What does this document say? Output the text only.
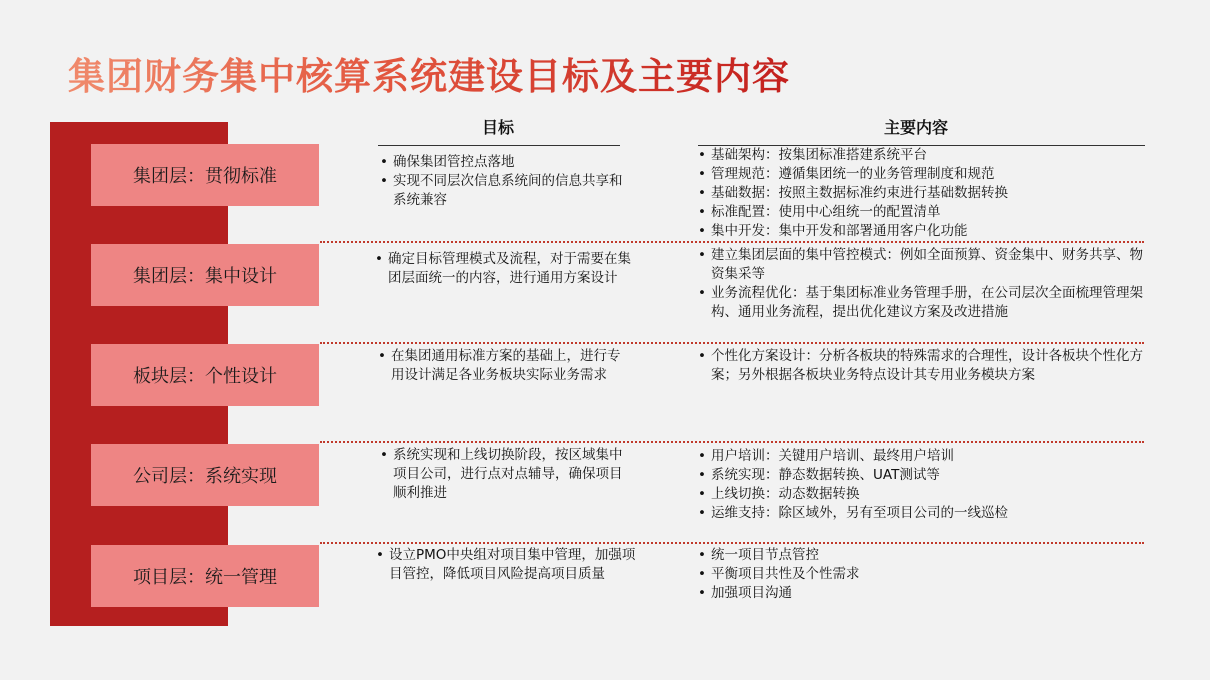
集团财务集中核算系统建设目标及主要内容
目标	主要内容
集团层：贯彻标准
• 确保集团管控点落地
• 实现不同层次信息系统间的信息共享和系统兼容
• 基础架构：按集团标准搭建系统平台
• 管理规范：遵循集团统一的业务管理制度和规范
• 基础数据：按照主数据标准约束进行基础数据转换
• 标准配置：使用中心组统一的配置清单
• 集中开发：集中开发和部署通用客户化功能
集团层：集中设计
• 确定目标管理模式及流程，对于需要在集团层面统一的内容，进行通用方案设计
• 建立集团层面的集中管控模式：例如全面预算、资金集中、财务共享、物资集采等
• 业务流程优化：基于集团标准业务管理手册，在公司层次全面梳理管理架构、通用业务流程，提出优化建议方案及改进措施
板块层：个性设计
• 在集团通用标准方案的基础上，进行专用设计满足各业务板块实际业务需求
• 个性化方案设计：分析各板块的特殊需求的合理性，设计各板块个性化方案；另外根据各板块业务特点设计其专用业务模块方案
公司层：系统实现
• 系统实现和上线切换阶段，按区域集中项目公司，进行点对点辅导，确保项目顺利推进
• 用户培训：关键用户培训、最终用户培训
• 系统实现：静态数据转换、UAT测试等
• 上线切换：动态数据转换
• 运维支持：除区域外，另有至项目公司的一线巡检
项目层：统一管理
• 设立PMO中央组对项目集中管理，加强项目管控，降低项目风险提高项目质量
• 统一项目节点管控
• 平衡项目共性及个性需求
• 加强项目沟通
